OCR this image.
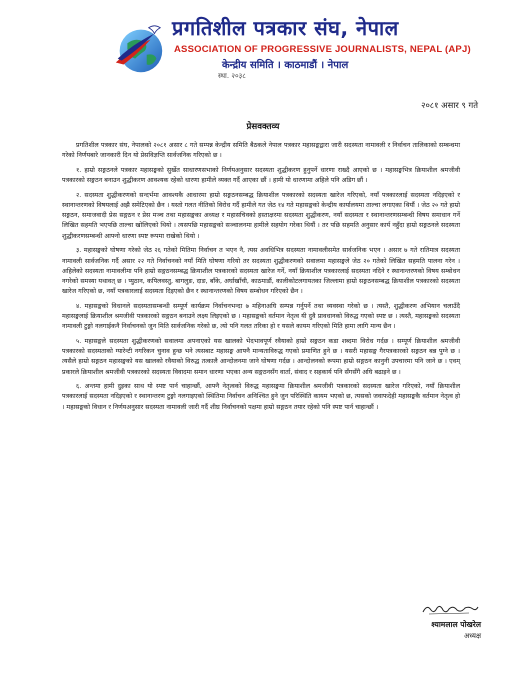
प्रगतिशील पत्रकार संघ, नेपाल
ASSOCIATION OF PROGRESSIVE JOURNALISTS, NEPAL (APJ)
केन्द्रीय समिति । काठमाडौं । नेपाल
स्था. २०३८
२०८१ असार ९ गते
प्रेसवक्तव्य

प्रगतिशील पत्रकार संघ, नेपालको २०८१ असार ८ गते सम्पन्न केन्द्रीय समिति बैठकले नेपाल पत्रकार महासङ्घद्वारा जारी सदस्यता नामावली र निर्वाचन तालिकाको सम्बन्धमा गरेको निर्णयबारे जानकारी दिन यो प्रेसविज्ञप्ति सार्वजनिक गरिएको छ ।

१. हाम्रो सङ्गठनले पत्रकार महासङ्घको सुर्खेत साधारणसभाको निर्णयअनुसार सदस्यता शुद्धीकरण हुनुपर्ने धारणा राख्दै आएको छ । महासङ्घभित्र क्रियाशील श्रमजीवी पत्रकारको सङ्गठन बनाउन शुद्धीकरण आवश्यक रहेको धारणा हामीले व्यक्त गर्दै आएका छौं । हामी यो धारणामा अहिले पनि अडिग छौं ।

२. सदस्यता शुद्धीकरणको सन्दर्भमा आवश्यकै आधारमा हाम्रो सङ्गठनसम्बद्ध क्रियाशील पत्रकारको सदस्यता खारेज गरिएको, नयाँ पत्रकारलाई सदस्यता नदिइएको र स्थानान्तरणको विषयलाई अझै समेटिएको छैन । यस्तो गलत नीतिको विरोध गर्दै हामीले गत जेठ १४ गते महासङ्घको केन्द्रीय कार्यालयमा ताल्चा लगाएका थियौं । जेठ २० गते हाम्रो सङ्गठन, समाजवादी प्रेस सङ्गठन र प्रेस मञ्च तथा महासङ्घका अध्यक्ष र महासचिवको हस्ताक्षरमा सदस्यता शुद्धीकरण, नयाँ सदस्यता र स्थानान्तरणसम्बन्धी विषय समाधान गर्ने लिखित सहमति भएपछि ताल्चा खोलिएको थियो । त्यसपछि महासङ्घको सञ्चालनमा हामीले सहयोग गरेका थियौं । तर पछि सहमति अनुसार कार्य नहुँदा हाम्रो सङ्गठनले सदस्यता शुद्धीकरणसम्बन्धी आफ्नो धारणा स्पष्ट रूपमा राखेको थियो ।

३. महासङ्घको घोषणा गरेको जेठ २६ गतेको मितिमा निर्वाचन त भएन नै, त्यस अवधिभित्र सदस्यता नामावलीसमेत सार्वजनिक भएन । असार ७ गते रातिमात्र सदस्यता नामावली सार्वजनिक गर्दै असार २२ गते निर्वाचनको नयाँ मिति घोषणा गरियो तर सदस्यता शुद्धीकरणको सवालमा महासङ्घले जेठ २० गतेको लिखित सहमति पालना गरेन । अहिलेको सदस्यता नामावलीमा पनि हाम्रो सङ्गठनसम्बद्ध क्रियाशील पत्रकारको सदस्यता खारेज गर्ने, नयाँ क्रियाशील पत्रकारलाई सदस्यता नदिने र स्थानान्तरणको विषय सम्बोधन नगरेको समस्या यथावत् छ । प्युठान, कपिलवस्तु, बागलुङ, दाङ, बाँके, अर्घाखाँची, काठमाडौं, कालीकोटलगायतका जिल्लामा हाम्रो सङ्गठनसम्बद्ध क्रियाशील पत्रकारको सदस्यता खारेज गरिएको छ, नयाँ पत्रकारलाई सदस्यता दिइएको छैन र स्थानान्तरणको विषय सम्बोधन गरिएको छैन ।

४. महासङ्घको विधानले सदस्यतासम्बन्धी सम्पूर्ण कार्यक्रम निर्वाचनभन्दा ७ महिनाअघि सम्पन्न गर्नुपर्ने तथा व्यवस्था गरेको छ । त्यस्तै, शुद्धीकरण अभियान चलाउँदै महासङ्घलाई क्रियाशील श्रमजीवी पत्रकारको सङ्गठन बनाउने लक्ष्य लिइएको छ । महासङ्घको वर्तमान नेतृत्व यी दुवै प्रावधानको विरुद्ध गएको स्पष्ट छ । त्यस्तै, महासङ्घको सदस्यता नामावली टुङ्गो नलगाईकनै निर्वाचनको जुन मिति सार्वजनिक गरेको छ, त्यो पनि गलत तरिका हो र यसले कायम गरिएको मिति हामा लागि मान्य छैन ।

५. महासङ्घले सदस्यता शुद्धीकरणको सवालमा अपनाएको यस खालको भेदभावपूर्ण रवैयाको हाम्रो सङ्गठन कडा शब्दमा विरोध गर्दछ । सम्पूर्ण क्रियाशील श्रमजीवी पत्रकारको सदस्यताको ग्यारेन्टी नगरिकन चुनाव हुन्छ भने त्यसबाट महासङ्घ आफ्नै मान्यताविरुद्ध गएको प्रमाणित हुने छ । यसरी महासङ्घ गैरपत्रकारको सङ्गठन बन्न पुग्ने छ । त्यसैले हाम्रो सङ्गठन महासङ्घको यस खालको रवैयाको विरुद्ध तत्कालै आन्दोलनमा जाने घोषणा गर्दछ । आन्दोलनको रूपमा हाम्रो सङ्गठन कानुनी उपचारमा पनि जाने छ । एवम् प्रकारले क्रियाशील श्रमजीवी पत्रकारको सदस्यता विवादमा समान धारणा भएका अन्य सङ्गठनसँग वार्ता, संवाद र सहकार्य पनि सँगसँगै अघि बढाइने छ ।

६. अन्तमा हामी दुइका साथ यो स्पष्ट पार्न चाहान्छौं, आफ्नै नेतृत्वको विरुद्ध महासङ्घमा क्रियाशील श्रमजीवी पत्रकारको सदस्यता खारेज गरिएको, नयाँ क्रियाशील पत्रकारलाई सदस्यता नदिइएको र स्थानान्तरण टुङ्गो नलगाइएको स्थितिमा निर्वाचन अनिश्चित हुने जुन परिस्थिति कायम भएको छ, त्यसको जवाफदेही महासङ्घकै वर्तमान नेतृत्व हो । महासङ्घको विधान र निर्णयअनुसार सदस्यता नामावली जारी गर्दै शीघ्र निर्वाचनको पक्षमा हाम्रो सङ्गठन तयार रहेको पनि स्पष्ट पार्न चाहान्छौं ।

श्यामलाल पोखरेल
अध्यक्ष
